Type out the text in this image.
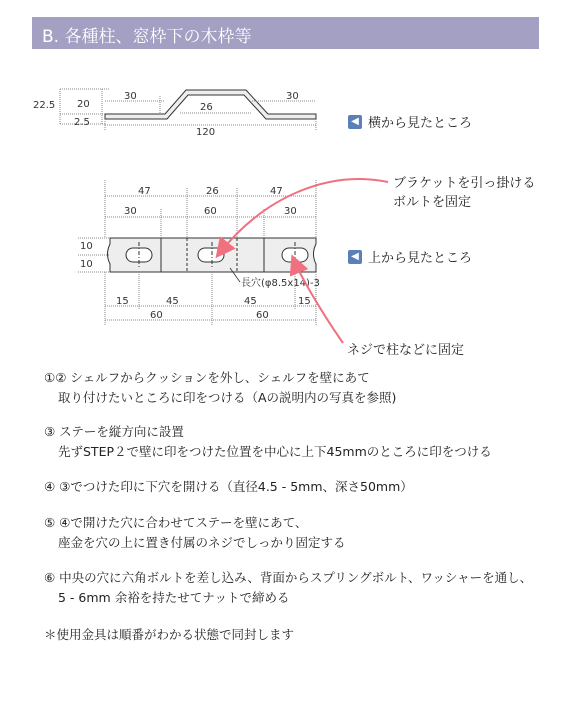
B. 各種柱、窓枠下の木枠等
22.5 20
2.5
30
26
30
120
47	26	47
30	60	30
10
10
15	45	45	15
60	60
長穴(φ8.5x14)-3
◀ 横から見たところ
◀ 上から見たところ
ブラケットを引っ掛ける
ボルトを固定
ネジで柱などに固定
①② シェルフからクッションを外し、シェルフを壁にあて
取り付けたいところに印をつける（Aの説明内の写真を参照)
③ ステーを縦方向に設置
先ずSTEP２で壁に印をつけた位置を中心に上下45mmのところに印をつける
④ ③でつけた印に下穴を開ける（直径4.5 - 5mm、深さ50mm）
⑤ ④で開けた穴に合わせてステーを壁にあて、
座金を穴の上に置き付属のネジでしっかり固定する
⑥ 中央の穴に六角ボルトを差し込み、背面からスプリングボルト、ワッシャーを通し、
5 - 6mm 余裕を持たせてナットで締める
＊使用金具は順番がわかる状態で同封します
